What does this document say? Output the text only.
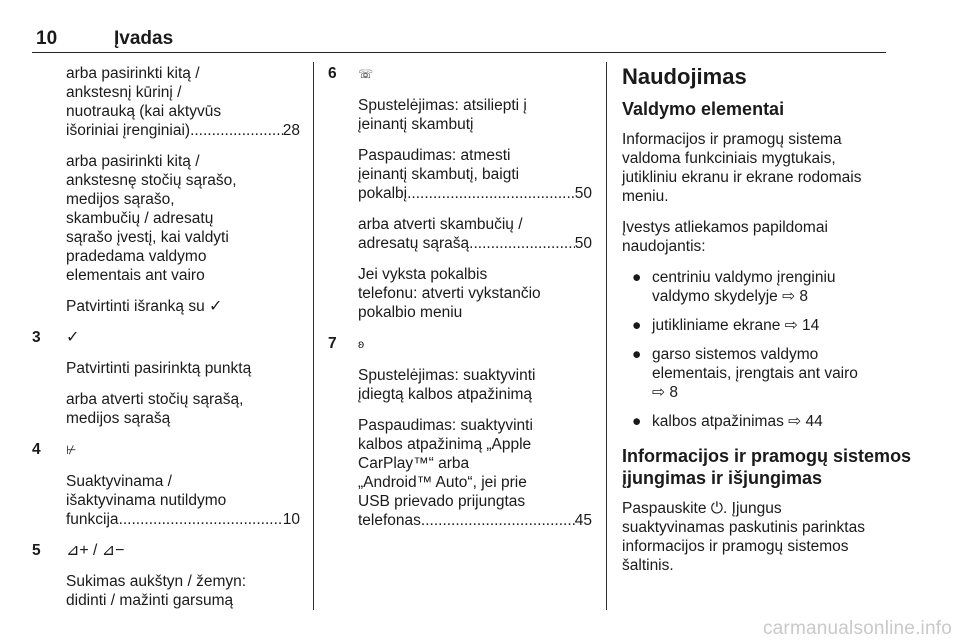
10	Įvadas
arba pasirinkti kitą /
ankstesnį kūrinį /
nuotrauką (kai aktyvūs
išoriniai įrenginiai) .....	28
arba pasirinkti kitą /
ankstesnę stočių sąrašo,
medijos sąrašo,
skambučių / adresatų
sąrašo įvestį, kai valdyti
pradedama valdymo
elementais ant vairo
Patvirtinti išranką su ✓
3 ✓
Patvirtinti pasirinktą punktą
arba atverti stočių sąrašą,
medijos sąrašą
4 ⊬
Suaktyvinama /
išaktyvinama nutildymo
funkcija .....	10
5 ⊿+ / ⊿−
Sukimas aukštyn / žemyn:
didinti / mažinti garsumą
6 ☏
Spustelėjimas: atsiliepti į
įeinantį skambutį
Paspaudimas: atmesti
įeinantį skambutį, baigti
pokalbį .....	50
arba atverti skambučių /
adresatų sąrašą .....	50
Jei vyksta pokalbis
telefonu: atverti vykstančio
pokalbio meniu
7 ʚ
Spustelėjimas: suaktyvinti
įdiegtą kalbos atpažinimą
Paspaudimas: suaktyvinti
kalbos atpažinimą „Apple
CarPlay™“ arba
„Android™ Auto“, jei prie
USB prievado prijungtas
telefonas. .....	45
Naudojimas
Valdymo elementai
Informacijos ir pramogų sistema
valdoma funkciniais mygtukais,
jutikliniu ekranu ir ekrane rodomais
meniu.
Įvestys atliekamos papildomai
naudojantis:
● centriniu valdymo įrenginiu
valdymo skydelyje ⇨ 8
● jutikliniame ekrane ⇨ 14
● garso sistemos valdymo
elementais, įrengtais ant vairo
⇨ 8
● kalbos atpažinimas ⇨ 44
Informacijos ir pramogų sistemos
įjungimas ir išjungimas
Paspauskite ⏻. Įjungus
suaktyvinamas paskutinis parinktas
informacijos ir pramogų sistemos
šaltinis.
carmanualsonline.info
